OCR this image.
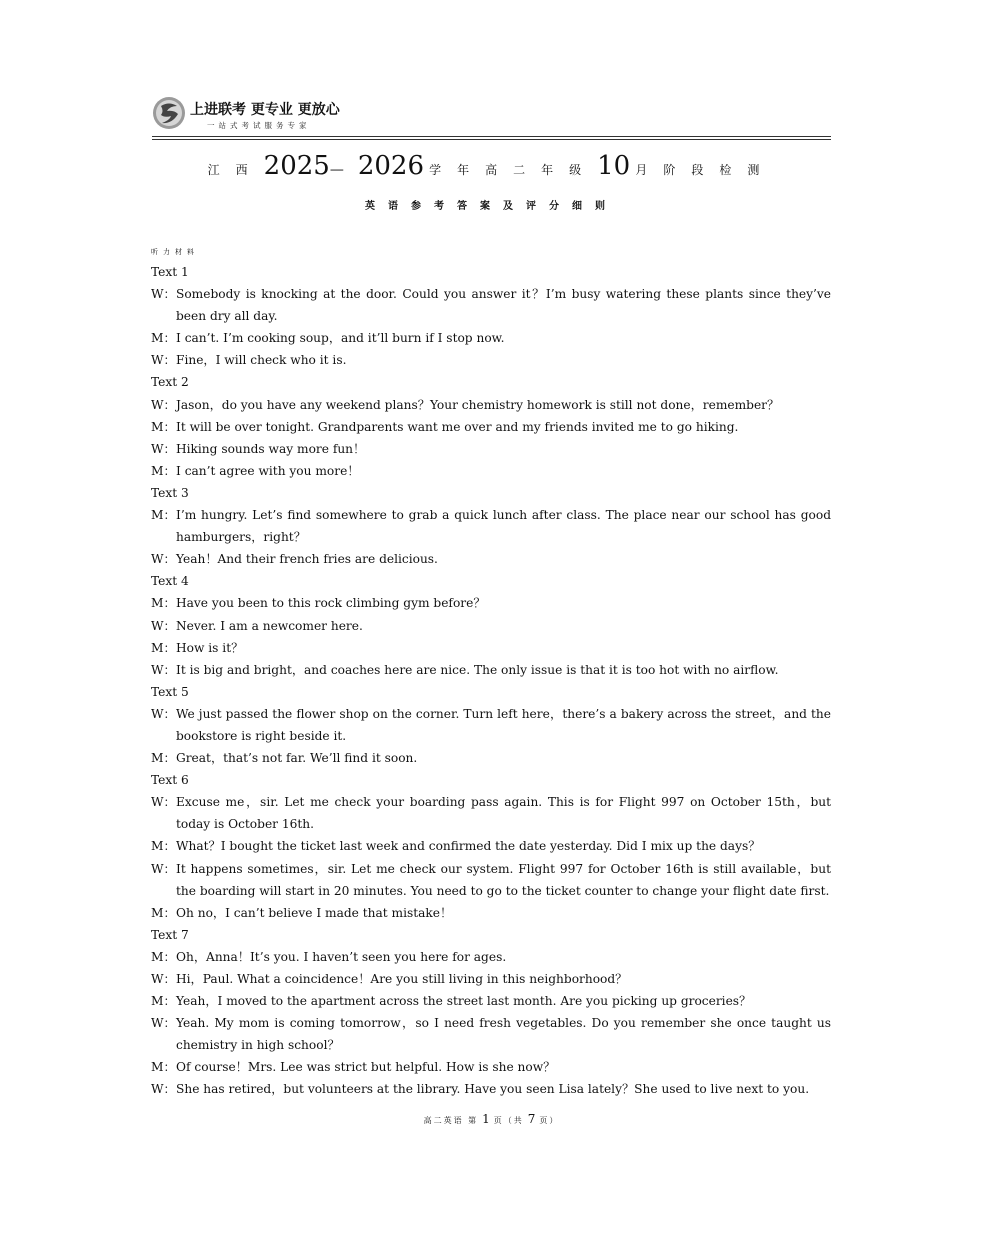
上进联考 更专业 更放心
一站式考试服务专家
江西2025— 2026 学年高二年级10 月阶段检测
英语参考答案及评分细则
听力材料
Text 1
W：Somebody is knocking at the door. Could you answer it？I’m busy watering these plants since they’ve been dry all day.
M：I can’t. I’m cooking soup，and it’ll burn if I stop now.
W：Fine，I will check who it is.
Text 2
W：Jason，do you have any weekend plans？Your chemistry homework is still not done，remember？
M：It will be over tonight. Grandparents want me over and my friends invited me to go hiking.
W：Hiking sounds way more fun！
M：I can’t agree with you more！
Text 3
M：I’m hungry. Let’s find somewhere to grab a quick lunch after class. The place near our school has good hamburgers，right？
W：Yeah！And their french fries are delicious.
Text 4
M：Have you been to this rock climbing gym before？
W：Never. I am a newcomer here.
M：How is it？
W：It is big and bright，and coaches here are nice. The only issue is that it is too hot with no airflow.
Text 5
W：We just passed the flower shop on the corner. Turn left here，there’s a bakery across the street，and the bookstore is right beside it.
M：Great，that’s not far. We’ll find it soon.
Text 6
W：Excuse me，sir. Let me check your boarding pass again. This is for Flight 997 on October 15th，but today is October 16th.
M：What？I bought the ticket last week and confirmed the date yesterday. Did I mix up the days？
W：It happens sometimes，sir. Let me check our system. Flight 997 for October 16th is still available，but the boarding will start in 20 minutes. You need to go to the ticket counter to change your flight date first.
M：Oh no，I can’t believe I made that mistake！
Text 7
M：Oh，Anna！It’s you. I haven’t seen you here for ages.
W：Hi，Paul. What a coincidence！Are you still living in this neighborhood？
M：Yeah，I moved to the apartment across the street last month. Are you picking up groceries？
W：Yeah. My mom is coming tomorrow，so I need fresh vegetables. Do you remember she once taught us chemistry in high school？
M：Of course！Mrs. Lee was strict but helpful. How is she now？
W：She has retired，but volunteers at the library. Have you seen Lisa lately？She used to live next to you.
高二英语 第 1 页（共 7 页）
